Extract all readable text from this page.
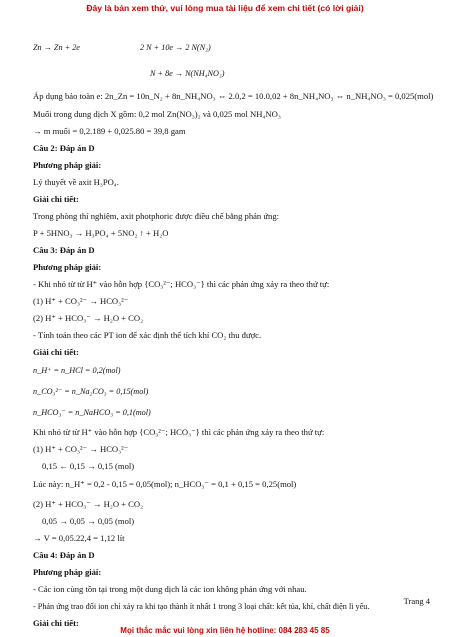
Đây là bản xem thử, vui lòng mua tài liệu để xem chi tiết (có lời giải)
Zn → Zn + 2e	2 N + 10e → 2 N(N₂)
N + 8e → N(NH₄NO₃)
Áp dụng bảo toàn e: 2n_Zn = 10n_N₂ + 8n_NH₄NO₃ ⇔ 2.0,2 = 10.0,02 + 8n_NH₄NO₃ ⇔ n_NH₄NO₃ = 0,025(mol)
Muối trong dung dịch X gồm: 0,2 mol Zn(NO₃)₂ và 0,025 mol NH₄NO₃
→ m muối = 0,2.189 + 0,025.80 = 39,8 gam
Câu 2: Đáp án D
Phương pháp giải:
Lý thuyết về axit H₃PO₄.
Giải chi tiết:
Trong phòng thí nghiệm, axit photphoric được điều chế bằng phản ứng:
P + 5HNO₃ → H₃PO₄ + 5NO₂ ↑ + H₂O
Câu 3: Đáp án D
Phương pháp giải:
- Khi nhỏ từ từ H⁺ vào hỗn hợp {CO₃²⁻; HCO₃⁻} thì các phản ứng xảy ra theo thứ tự:
(1) H⁺ + CO₃²⁻ → HCO₃²⁻
(2) H⁺ + HCO₃⁻ → H₂O + CO₂
- Tính toán theo các PT ion để xác định thể tích khí CO₂ thu được.
Giải chi tiết:
n_H⁺ = n_HCl = 0,2(mol)
n_CO₃²⁻ = n_Na₂CO₃ = 0,15(mol)
n_HCO₃⁻ = n_NaHCO₃ = 0,1(mol)
Khi nhỏ từ từ H⁺ vào hỗn hợp {CO₃²⁻; HCO₃⁻} thì các phản ứng xảy ra theo thứ tự:
(1) H⁺ + CO₃²⁻ → HCO₃²⁻
0,15 ← 0,15 → 0,15 (mol)
Lúc này: n_H⁺ = 0,2 - 0,15 = 0,05(mol); n_HCO₃⁻ = 0,1 + 0,15 = 0,25(mol)
(2) H⁺ + HCO₃⁻ → H₂O + CO₂
0,05 → 0,05 → 0,05 (mol)
→ V = 0,05.22,4 = 1,12 lít
Câu 4: Đáp án D
Phương pháp giải:
- Các ion cùng tồn tại trong một dung dịch là các ion không phản ứng với nhau.
- Phản ứng trao đổi ion chỉ xảy ra khi tạo thành ít nhất 1 trong 3 loại chất: kết tủa, khí, chất điện li yếu.
Giải chi tiết:
Trang 4
Mọi thắc mắc vui lòng xin liên hệ hotline: 084 283 45 85
